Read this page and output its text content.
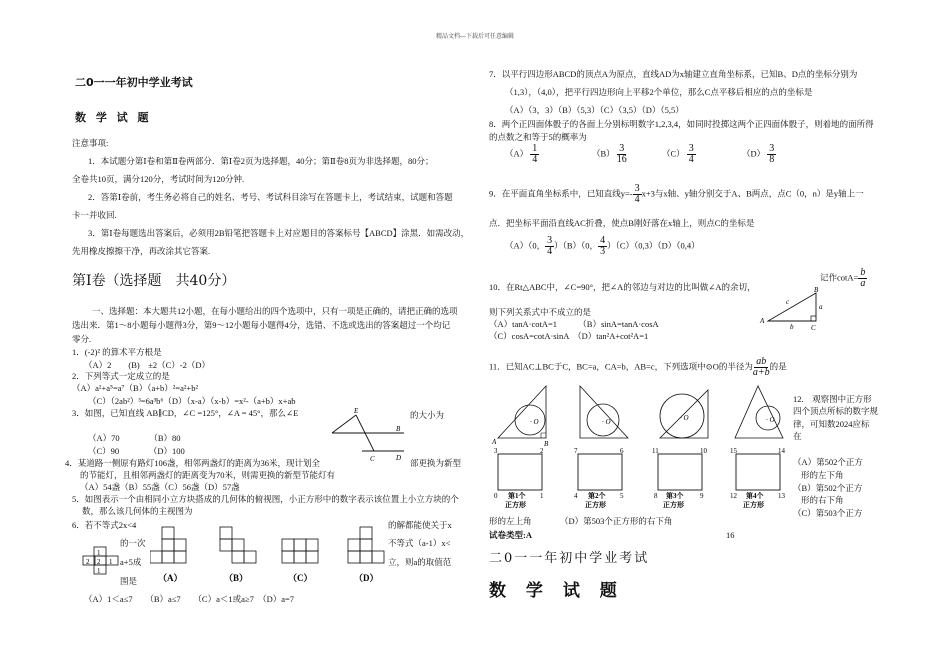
精品文档---下载后可任意编辑
二0一一年初中学业考试
数 学 试 题
注意事项:
1．本试题分第Ⅰ卷和第Ⅱ卷两部分．第Ⅰ卷2页为选择题，40分；第Ⅱ卷8页为非选择题，80分；
全卷共10页，满分120分，考试时间为120分钟.
2．答第Ⅰ卷前，考生务必将自己的姓名、考号、考试科目涂写在答题卡上，考试结束，试题和答题
卡一并收回.
3．第Ⅰ卷每题选出答案后，必须用2B铅笔把答题卡上对应题目的答案标号【ABCD】涂黑．如需改动，
先用橡皮擦擦干净，再改涂其它答案.
第Ⅰ卷（选择题　共40分）
一、选择题：本大题共12小题，在每小题给出的四个选项中，只有一项是正确的，请把正确的选项
选出来．第1～8小题每小题得3分，第9～12小题每小题得4分，选错、不选或选出的答案超过一个均记
零分.
1．(-2)² 的算术平方根是
（A）2　　(B)　±2（C）-2（D）
2．下列等式一定成立的是
（A）a²+a⁵=a⁷（B）（a+b）²=a²+b²
（C）（2ab²）³=6a³b⁶（D）（x-a）（x-b）=x²-（a+b）x+ab
3．如图，已知直线 AB∥CD，∠C =125°，∠A = 45°，那么∠E	的大小为
（A）70　　　　（B）80
（C）90　　　　（D）100
E
B
C	D
4．某道路一侧原有路灯106盏，相邻两盏灯的距离为36米，现计划全	部更换为新型
的节能灯，且相邻两盏灯的距离变为70米，则需更换的新型节能灯有
（A）54盏（B）55盏（C）56盏（D）57盏
5．如图表示一个由相同小立方块搭成的几何体的俯视图，小正方形中的数字表示该位置上小立方块的个
数，那么该几何体的主视图为
6．若不等式2x<4
的一次
a+5成
围是
的解都能使关于x
不等式（a-1）x<
立，则a的取值范
（A）1＜a≤7　　（B）a≤7　　（C）a＜1或a≥7　（D）a=7
1
2 2 1
1
（A）	（B）	（C）	（D）
7．以平行四边形ABCD的顶点A为原点，直线AD为x轴建立直角坐标系，已知B、D点的坐标分别为
（1,3），（4,0），把平行四边形向上平移2个单位，那么C点平移后相应的点的坐标是
（A）（3，3）（B）（5,3）（C）（3,5）（D）（5,5）
8．两个正四面体骰子的各面上分别标明数字1,2,3,4，如同时投掷这两个正四面体骰子，则着地的面所得
的点数之和等于5的概率为
$(A) \frac{1}{4}$	$(B) \frac{3}{16}$	$(C) \frac{3}{4}$	$(D) \frac{3}{8}$
9．在平面直角坐标系中，已知直线$y=- \frac{3}{4} x+3$与x轴、y轴分别交于A、B两点，点C（0，n）是y轴上一
点．把坐标平面沿直线AC折叠，使点B刚好落在x轴上，则点C的坐标是
（A）（0， $\frac{3}{4} )(B)(0$， $\frac{4}{3} )(C)(0,3)(D)(0,4)$
10．在Rt△ABC中，∠C=90°，把∠A的邻边与对边的比叫做∠A的余切，
记作$\cot A= \frac{b}{a}$
则下列关系式中不成立的是
（A）tanA·cotA=1　　　（B）sinA=tanA·cosA
（C）cosA=cotA·sinA　（D）tan²A+cot²A=1
A
B
C
c
a
b
11．已知AC⊥BC于C，BC=a，CA=b，AB=c，下列选项中⊙O的半径为 $\frac{ab}{a+b}$ 的是
A	B
· O	· O	· O	· O
3	2
0	1
7	6
4	5
11	10
8	9
15	14
12	13
第1个
正方形
第2个
正方形
第3个
正方形
第4个
正方形
12.　观察图中正方形
四个顶点所标的数字规
律，可知数2024应标
在
（A）第502个正方
形的左下角
（B）第502个正方
形的右下角
（C）第503个正方
形的左上角	（D）第503个正方形的右下角
16
试卷类型:A
二0一一年初中学业考试
数 学 试 题
